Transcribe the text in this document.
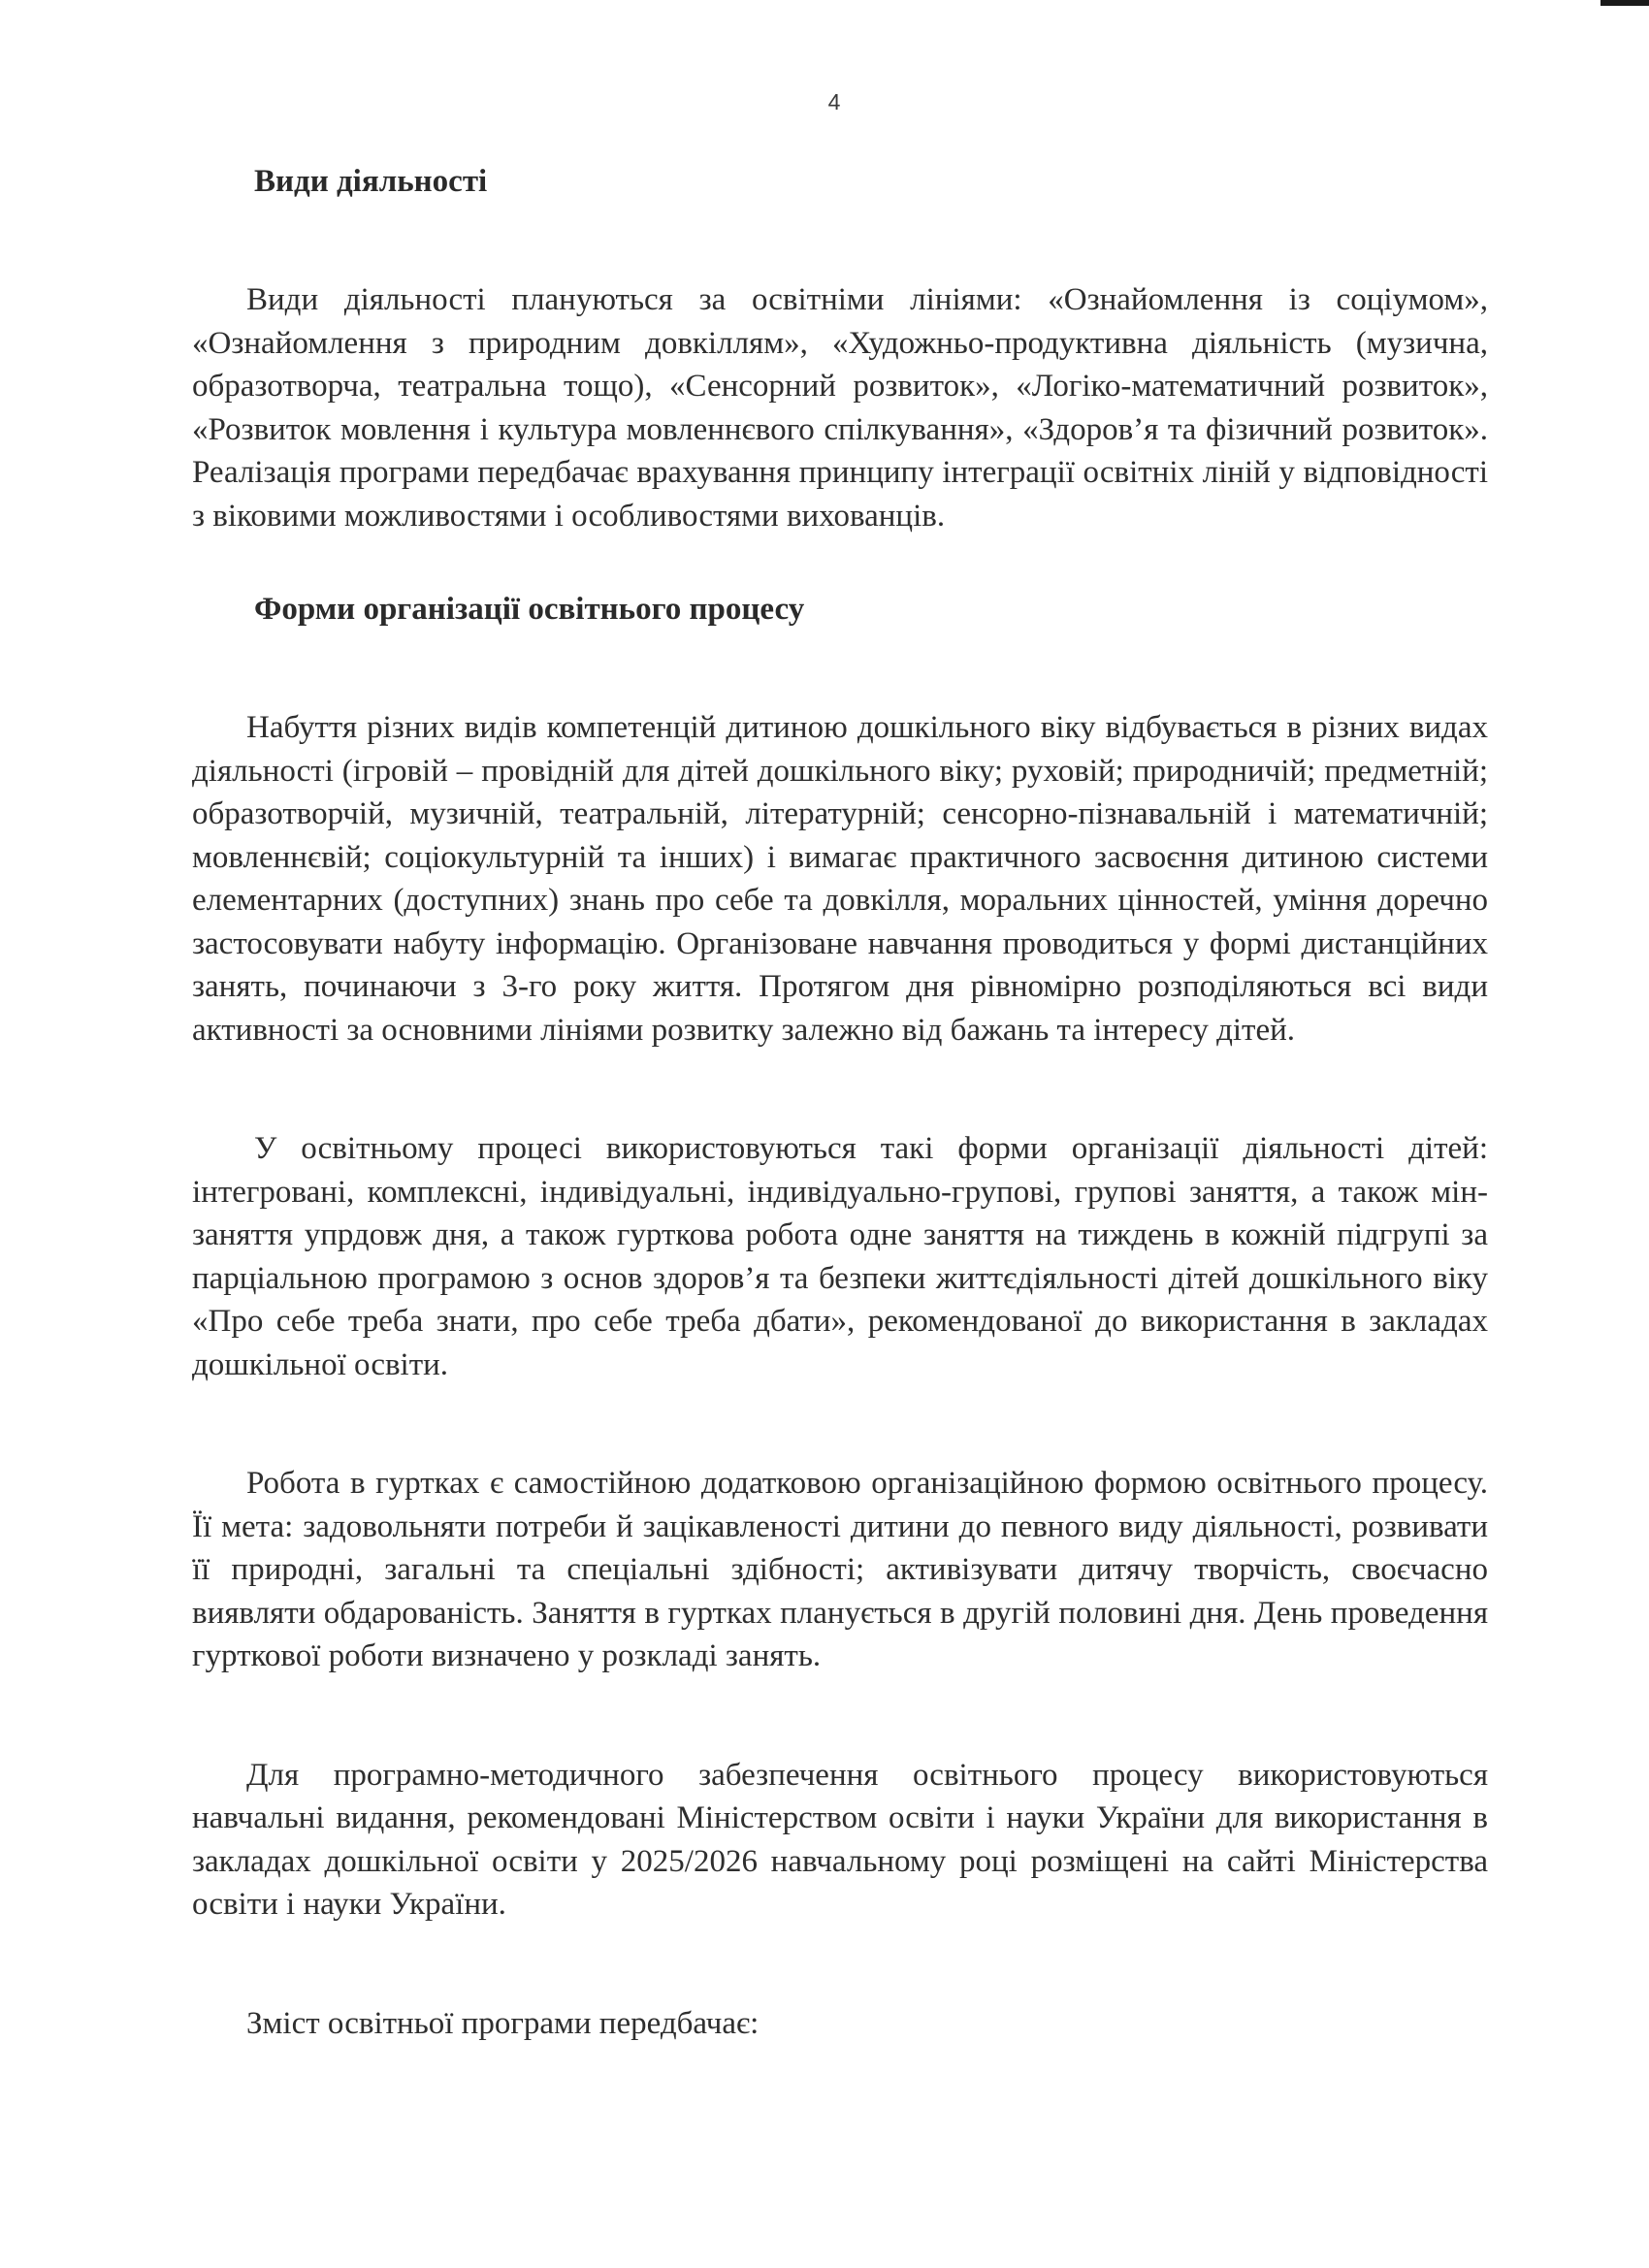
4
Види діяльності

Види діяльності плануються за освітніми лініями: «Ознайомлення із соціумом», «Ознайомлення з природним довкіллям», «Художньо-продуктивна діяльність (музична, образотворча, театральна тощо), «Сенсорний розвиток», «Логіко-математичний розвиток», «Розвиток мовлення і культура мовленнєвого спілкування», «Здоров’я та фізичний розвиток». Реалізація програми передбачає врахування принципу інтеграції освітніх ліній у відповідності з віковими можливостями і особливостями вихованців.

Форми організації освітнього процесу

Набуття різних видів компетенцій дитиною дошкільного віку відбувається в різних видах діяльності (ігровій – провідній для дітей дошкільного віку; руховій; природничій; предметній; образотворчій, музичній, театральній, літературній; сенсорно-пізнавальній і математичній; мовленнєвій; соціокультурній та інших) і вимагає практичного засвоєння дитиною системи елементарних (доступних) знань про себе та довкілля, моральних цінностей, уміння доречно застосовувати набуту інформацію. Організоване навчання проводиться у формі дистанційних занять, починаючи з 3-го року життя. Протягом дня рівномірно розподіляються всі види активності за основними лініями розвитку залежно від бажань та інтересу дітей.

У освітньому процесі використовуються такі форми організації діяльності дітей: інтегровані, комплексні, індивідуальні, індивідуально-групові, групові заняття, а також мін-заняття упрдовж дня, а також гурткова робота одне заняття на тиждень в кожній підгрупі за парціальною програмою з основ здоров’я та безпеки життєдіяльності дітей дошкільного віку «Про себе треба знати, про себе треба дбати», рекомендованої до використання в закладах дошкільної освіти.

Робота в гуртках є самостійною додатковою організаційною формою освітнього процесу. Її мета: задовольняти потреби й зацікавленості дитини до певного виду діяльності, розвивати її природні, загальні та спеціальні здібності; активізувати дитячу творчість, своєчасно виявляти обдарованість. Заняття в гуртках планується в другій половині дня. День проведення гурткової роботи визначено у розкладі занять.

Для програмно-методичного забезпечення освітнього процесу використовуються навчальні видання, рекомендовані Міністерством освіти і науки України для використання в закладах дошкільної освіти у 2025/2026 навчальному році розміщені на сайті Міністерства освіти і науки України.

Зміст освітньої програми передбачає:
